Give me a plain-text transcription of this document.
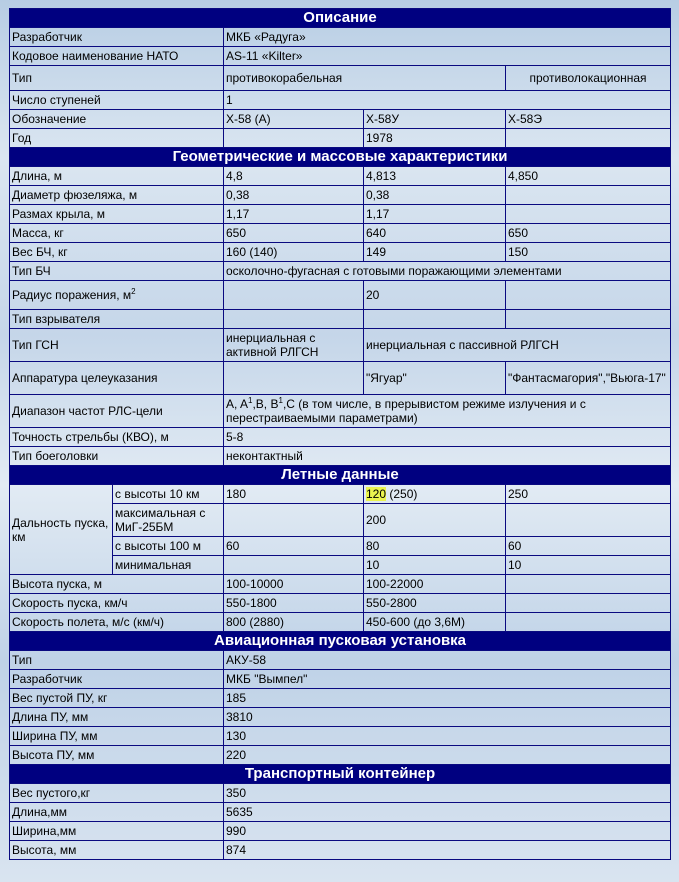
Описание				
Разработчик		МКБ «Радуга»		
Кодовое наименование НАТО		AS-11 «Kilter»		
Тип		противокорабельная		противолокационная
Число ступеней		1		
Обозначение		Х-58 (А)	Х-58У	Х-58Э
Год			1978	
Геометрические и массовые характеристики				
Длина, м		4,8	4,813	4,850
Диаметр фюзеляжа, м		0,38	0,38	
Размах крыла, м		1,17	1,17	
Масса, кг		650	640	650
Вес БЧ, кг		160 (140)	149	150
Тип БЧ		осколочно-фугасная с готовыми поражающими элементами		
Радиус поражения, $м^2$			20	
Тип взрывателя				
Тип ГСН		инерциальная с активной РЛГСН	инерциальная с пассивной РЛГСН	
Аппаратура целеуказания			"Ягуар"	"Фантасмагория","Вьюга-17"
Диапазон частот РЛС-цели		A, $A^1,B$, $B^1,C$ (в том числе, в прерывистом режиме излучения и с перестраиваемыми параметрами)		
Точность стрельбы (КВО), м		5-8		
Тип боеголовки		неконтактный		
Летные данные				
Дальность пуска, км	с высоты 10 км	180	120 (250)	250
	максимальная с МиГ-25БМ		200	
	с высоты 100 м	60	80	60
	минимальная		10	10
Высота пуска, м		100-10000	100-22000	
Скорость пуска, км/ч		550-1800	550-2800	
Скорость полета, м/с (км/ч)		800 (2880)	450-600 (до 3,6М)	
Авиационная пусковая установка				
Тип		АКУ-58		
Разработчик		МКБ "Вымпел"		
Вес пустой ПУ, кг		185		
Длина ПУ, мм		3810		
Ширина ПУ, мм		130		
Высота ПУ, мм		220		
Транспортный контейнер				
Вес пустого,кг		350		
Длина,мм		5635		
Ширина,мм		990		
Высота, мм		874		
